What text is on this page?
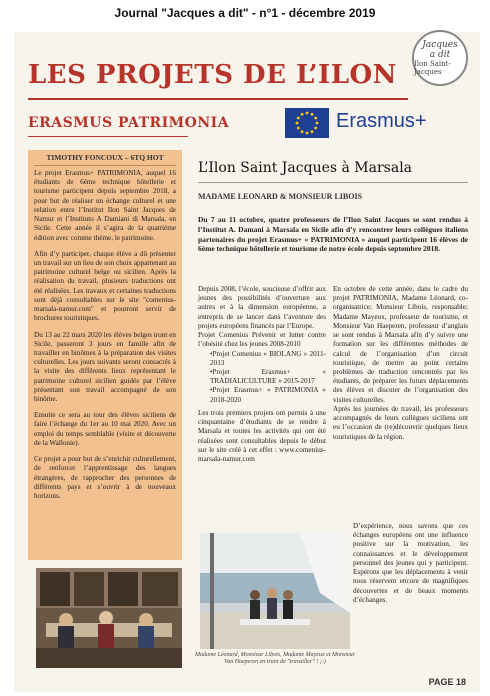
Journal "Jacques a dit" - n°1 - décembre 2019
Jacques
a dit
Ilon Saint-Jacques
LES PROJETS DE L’ILON
ERASMUS PATRIMONIA	Erasmus+
TIMOTHY FONCOUX – 6TQ HOT

Le projet Erasmus+ PATRIMONIA, auquel 16 étudiants de 6ème technique hôtellerie et tourisme participent depuis septembre 2018, a pour but de réaliser un échange culturel et une relation entre l’Institut Ilon Saint Jacques de Namur et l’Instituto A Damiani di Marsala, en Sicile. Cette année il s’agira de la quatrième édition avec comme thème, le patrimoine.

Afin d’y participer, chaque élève a dû présenter un travail sur un lieu de son choix appartenant au patrimoine culturel belge ou sicilien. Après la réalisation du travail, plusieurs traductions ont été réalisées. Les travaux et certaines traductions sont déjà consultables sur le site "comenius-marsala-namur.com" et pourront servir de brochures touristiques.

Du 13 au 22 mars 2020 les élèves belges iront en Sicile, passeront 3 jours en famille afin de travailler en binômes à la préparation des visites culturelles. Les jours suivants seront consacrés à la visite des différents lieux représentant le patrimoine culturel sicilien guidés par l’élève présentant son travail accompagné de son binôme.

Ensuite ce sera au tour des élèves siciliens de faire l’échange du 1er au 10 mai 2020. Avec un emploi du temps semblable (visite et découverte de la Wallonie).

Ce projet a pour but de s’enrichir culturellement, de renforcer l’apprentissage des langues étrangères, de rapprocher des personnes de différents pays et s’ouvrir à de nouveaux horizons.

L’Ilon Saint Jacques à Marsala
MADAME LEONARD & MONSIEUR LIBOIS
Du 7 au 11 octobre, quatre professeurs de l’Ilon Saint Jacques se sont rendus à l’Institut A. Damani à Marsala en Sicile afin d’y rencontrer leurs collègues italiens partenaires du projet Erasmus+ « PATRIMONIA » auquel participent 16 élèves de 6ème technique hôtellerie et tourisme de notre école depuis septembre 2018.

Depuis 2008, l’école, soucieuse d’offrir aux jeunes des possibilités d’ouverture aux autres et à la dimension européenne, a entrepris de se lancer dans l’aventure des projets européens financés par l’Europe.

Projet Comenius Prévenir et lutter contre l’obésité chez les jeunes 2008-2010

• Projet Comenius « BIOLANG » 2011-2013
• Projet Erasmus+ « TRADIALICULTURE » 2015-2017
• Projet Erasmus+ « PATRIMONIA » 2018-2020

Les trois premiers projets ont permis à une cinquantaine d’étudiants de se rendre à Marsala et toutes les activités qui ont été réalisées sont consultables depuis le début sur le site créé à cet effet : www.comenius-marsala-namur.com

En octobre de cette année, dans le cadre du projet PATRIMONIA, Madame Léonard, co-organisatrice; Monsieur Libois, responsable; Madame Mayeux, professeur de tourisme, et Monsieur Van Haeperen, professeur d’anglais se sont rendus à Marsala afin d’y suivre une formation sur les différentes méthodes de calcul de l’organisation d’un circuit touristique, de mettre au point certains problèmes de traduction rencontrés par les étudiants, de préparer les futurs déplacements des élèves et discuter de l’organisation des visites culturelles.

Après les journées de travail, les professeurs accompagnés de leurs collègues siciliens ont eu l’occasion de (re)découvrir quelques lieux touristiques de la région.

Madame Léonard, Monsieur Libois, Madame Mayeux et Monsieur Van Haeperen en train de "travailler" ! ;-)

D’expérience, nous savons que ces échanges européens ont une influence positive sur la motivation, les connaissances et le développement personnel des jeunes qui y participent. Espérons que les déplacements à venir nous réservent encore de magnifiques découvertes et de beaux moments d’échanges.

PAGE 18
